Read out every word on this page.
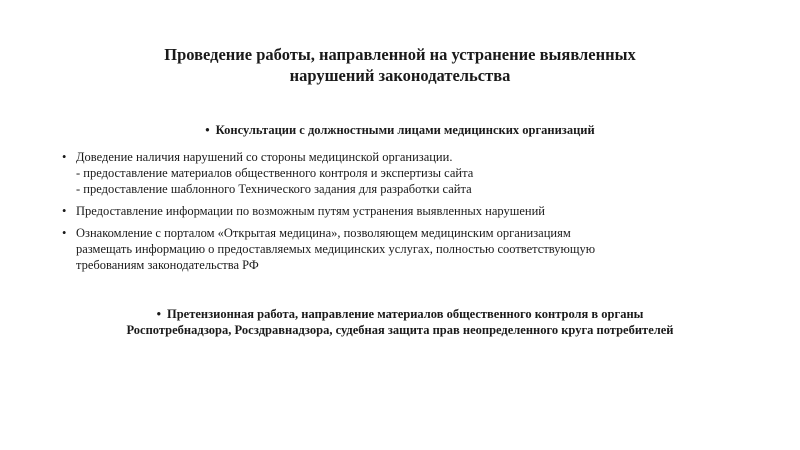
Проведение работы, направленной на устранение выявленных
нарушений законодательства
• Консультации с должностными лицами медицинских организаций
• Доведение наличия нарушений со стороны медицинской организации.
- предоставление материалов общественного контроля и экспертизы сайта
- предоставление шаблонного Технического задания для разработки сайта
• Предоставление информации по возможным путям устранения выявленных нарушений
• Ознакомление с порталом «Открытая медицина», позволяющем медицинским организациям
размещать информацию о предоставляемых медицинских услугах, полностью соответствующую
требованиям законодательства РФ
• Претензионная работа, направление материалов общественного контроля в органы
Роспотребнадзора, Росздравнадзора, судебная защита прав неопределенного круга потребителей
